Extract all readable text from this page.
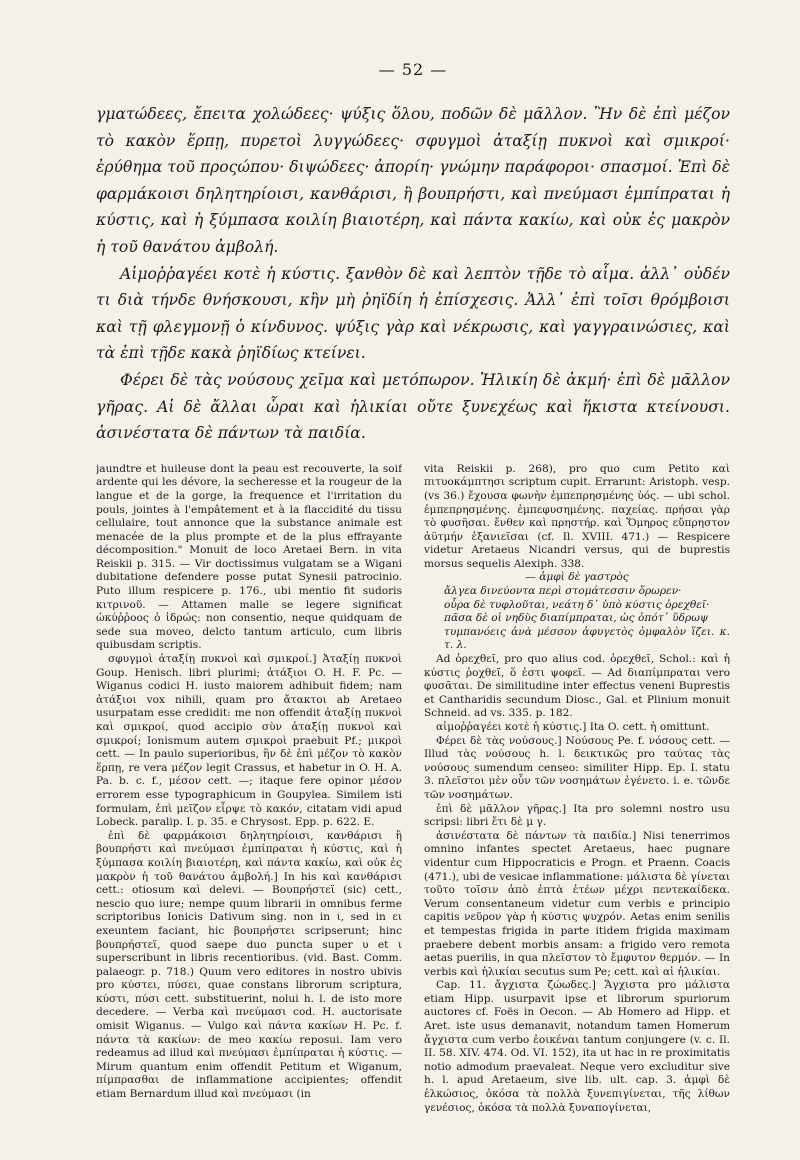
— 52 —

γματώδεες, ἔπειτα χολώδεες· ψύξις ὅλου, ποδῶν δὲ μᾶλλον. Ἢν δὲ ἐπὶ μέζον τὸ κακὸν ἕρπῃ, πυρετοὶ λυγγώδεες· σφυγμοὶ ἀταξίῃ πυκνοὶ καὶ σμικροί· ἐρύθημα τοῦ προςώπου· διψώδεες· ἀπορίη· γνώμην παράφοροι· σπασμοί. Ἐπὶ δὲ φαρμάκοισι δηλητηρίοισι, κανθάρισι, ἢ βουπρήστι, καὶ πνεύμασι ἐμπίπραται ἡ κύστις, καὶ ἡ ξύμπασα κοιλίη βιαιοτέρη, καὶ πάντα κακίω, καὶ οὐκ ἐς μακρὸν ἡ τοῦ θανάτου ἀμβολή.

Αἱμοῤῥαγέει κοτὲ ἡ κύστις. ξανθὸν δὲ καὶ λεπτὸν τῇδε τὸ αἷμα. ἀλλ᾽ οὐδέν τι διὰ τήνδε θνήσκουσι, κἢν μὴ ῥηϊδίη ἡ ἐπίσχεσις. Ἀλλ᾽ ἐπὶ τοῖσι θρόμβοισι καὶ τῇ φλεγμονῇ ὁ κίνδυνος. ψύξις γὰρ καὶ νέκρωσις, καὶ γαγγραινώσιες, καὶ τὰ ἐπὶ τῇδε κακὰ ῥηϊδίως κτείνει.

Φέρει δὲ τὰς νούσους χεῖμα καὶ μετόπωρον. Ἡλικίη δὲ ἀκμή· ἐπὶ δὲ μᾶλλον γῆρας. Αἱ δὲ ἄλλαι ὧραι καὶ ἡλικίαι οὔτε ξυνεχέως καὶ ἥκιστα κτείνουσι. ἀσινέστατα δὲ πάντων τὰ παιδία.

jaundtre et huileuse dont la peau est recouverte, la soif ardente qui les dévore, la secheresse et la rougeur de la langue et de la gorge, la frequence et l'irritation du pouls, jointes à l'empâtement et à la flaccidité du tissu cellulaire, tout annonce que la substance animale est menacée de la plus prompte et de la plus effrayante décomposition." Monuit de loco Aretaei Bern. in vita Reiskii p. 315. — Vir doctissimus vulgatam se a Wigani dubitatione defendere posse putat Synesii patrocinio. Puto illum respicere p. 176., ubi mentio fit sudoris κιτρινοῦ. — Attamen malle se legere significat ὠκύῤῥοος ὁ ἱδρώς: non consentio, neque quidquam de sede sua moveo, delcto tantum articulo, cum libris quibusdam scriptis.

σφυγμοὶ ἀταξίῃ πυκνοὶ καὶ σμικροί.] Ἀταξίῃ πυκνοὶ Goup. Henisch. libri plurimi; ἀτάξιοι O. H. F. Pc. — Wiganus codici H. iusto maiorem adhibuit fidem; nam ἀτάξιοι vox nihili, quam pro ἄτακτοι ab Aretaeo usurpatam esse credidit: me non offendit ἀταξίῃ πυκνοὶ καὶ σμικροί, quod accipio σὺν ἀταξίῃ πυκνοὶ καὶ σμικροί; Ionismum autem σμικροὶ praebuit Pf.; μικροὶ cett. — In paulo superioribus, ἢν δὲ ἐπὶ μέζον τὸ κακὸν ἕρπῃ, re vera μέζον legit Crassus, et habetur in O. H. A. Pa. b. c. f., μέσον cett. —; itaque fere opinor μέσον errorem esse typographicum in Goupylea. Similem isti formulam, ἐπὶ μεῖζον εἷρψε τὸ κακόν, citatam vidi apud Lobeck. paralip. I. p. 35. e Chrysost. Epp. p. 622. E.

ἐπὶ δὲ φαρμάκοισι δηλητηρίοισι, κανθάρισι ἢ βουπρήστι καὶ πνεύμασι ἐμπίπραται ἡ κύστις, καὶ ἡ ξύμπασα κοιλίη βιαιοτέρη, καὶ πάντα κακίω, καὶ οὐκ ἐς μακρὸν ἡ τοῦ θανάτου ἀμβολή.] In his καὶ κανθάρισι cett.: otiosum καὶ delevi. — Βουπρήστεϊ (sic) cett., nescio quo iure; nempe quum librarii in omnibus ferme scriptoribus Ionicis Dativum sing. non in ι, sed in ει exeuntem faciant, hic βουπρήστει scripserunt; hinc βουπρήστεϊ, quod saepe duo puncta super υ et ι superscribunt in libris recentioribus. (vid. Bast. Comm. palaeogr. p. 718.) Quum vero editores in nostro ubivis pro κύστει, πύσει, quae constans librorum scriptura, κύστι, πύσι cett. substituerint, nolui h. l. de isto more decedere. — Verba καὶ πνεύμασι cod. H. auctorisate omisit Wiganus. — Vulgo καὶ πάντα κακίων H. Pc. f. πάντα τὰ κακίων: de meo κακίω reposui. Iam vero redeamus ad illud καὶ πνεύμασι ἐμπίπραται ἡ κύστις. — Mirum quantum enim offendit Petitum et Wiganum, πίμπρασθαι de inflammatione accipientes; offendit etiam Bernardum illud καὶ πνεύμασι (in

vita Reiskii p. 268), pro quo cum Petito καὶ πιτυοκάμπτησι scriptum cupit. Errarunt: Aristoph. vesp. (vs 36.) ἔχουσα φωνὴν ἐμπεπρησμένης ὑός. — ubi schol. ἐμπεπρησμένης. ἐμπεφυσημένης. παχείας. πρήσαι γὰρ τὸ φυσῆσαι. ἔνθεν καὶ πρηστήρ. καὶ Ὅμηρος εὔπρηστον ἀϋτμήν ἐξανιεῖσαι (cf. Il. XVIII. 471.) — Respicere videtur Aretaeus Nicandri versus, qui de buprestis morsus sequelis Alexiph. 338.

— ἀμφὶ δὲ γαστρὸς

ἄλγεα δινεύοντα περὶ στομάτεσσιν ὄρωρεν·

οὖρα δὲ τυφλοῦται, νεάτη δ᾽ ὑπὸ κύστις ὀρεχθεῖ·

πᾶσα δὲ οἱ νηδὺς διαπίμπραται, ὡς ὁπότ᾽ ὕδρωψ

τυμπανόεις ἀνὰ μέσσον ἀφυγετὸς ὀμφαλὸν ἵζει. κ. τ. λ.

Ad ὀρεχθεῖ, pro quo alius cod. ὀρεχθεῖ, Schol.: καὶ ἡ κύστις ῥοχθεῖ, ὅ ἐστι ψοφεῖ. — Ad διαπίμπραται vero φυσᾶται. De similitudine inter effectus veneni Buprestis et Cantharidis secundum Diosc., Gal. et Plinium monuit Schneid. ad vs. 335. p. 182.

αἱμοῤῥαγέει κοτὲ ἡ κύστις.] Ita O. cett. ἡ omittunt.

Φέρει δὲ τὰς νούσους.] Νούσους Pe. f. νόσους cett. — Illud τὰς νούσους h. l. δεικτικῶς pro ταύτας τὰς νούσους sumendum censeo: similiter Hipp. Ep. I. statu 3. πλεῖστοι μὲν οὖν τῶν νοσημάτων ἐγένετο. i. e. τῶνδε τῶν νοσημάτων.

ἐπὶ δὲ μᾶλλον γῆρας.] Ita pro solemni nostro usu scripsi: libri ἔτι δὲ μ γ.

ἀσινέστατα δὲ πάντων τὰ παιδία.] Nisi tenerrimos omnino infantes spectet Aretaeus, haec pugnare videntur cum Hippocraticis e Progn. et Praenn. Coacis (471.), ubi de vesicae inflammatione: μάλιστα δὲ γίνεται τοῦτο τοῖσιν ἀπὸ ἑπτὰ ἐτέων μέχρι πεντεκαίδεκα. Verum consentaneum videtur cum verbis e principio capitis νεῦρον γὰρ ἡ κύστις ψυχρόν. Aetas enim senilis et tempestas frigida in parte itidem frigida maximam praebere debent morbis ansam: a frigido vero remota aetas puerilis, in qua πλεῖστον τὸ ἔμφυτον θερμόν. — In verbis καὶ ἡλικίαι secutus sum Pe; cett. καὶ αἱ ἡλικίαι.

Cap. 11. ἄγχιστα ζώωδες.] Ἄγχιστα pro μάλιστα etiam Hipp. usurpavit ipse et librorum spuriorum auctores cf. Foës in Oecon. — Ab Homero ad Hipp. et Aret. iste usus demanavit, notandum tamen Homerum ἄγχιστα cum verbo ἐοικέναι tantum conjungere (v. c. Il. II. 58. XIV. 474. Od. VI. 152), ita ut hac in re proximitatis notio admodum praevaleat. Neque vero excluditur sive h. l. apud Aretaeum, sive lib. ult. cap. 3. ἀμφὶ δὲ ἐλκώσιος, ὁκόσα τὰ πολλὰ ξυνεπιγίνεται, τῆς λίθων γενέσιος, ὁκόσα τὰ πολλὰ ξυναπογίνεται,
